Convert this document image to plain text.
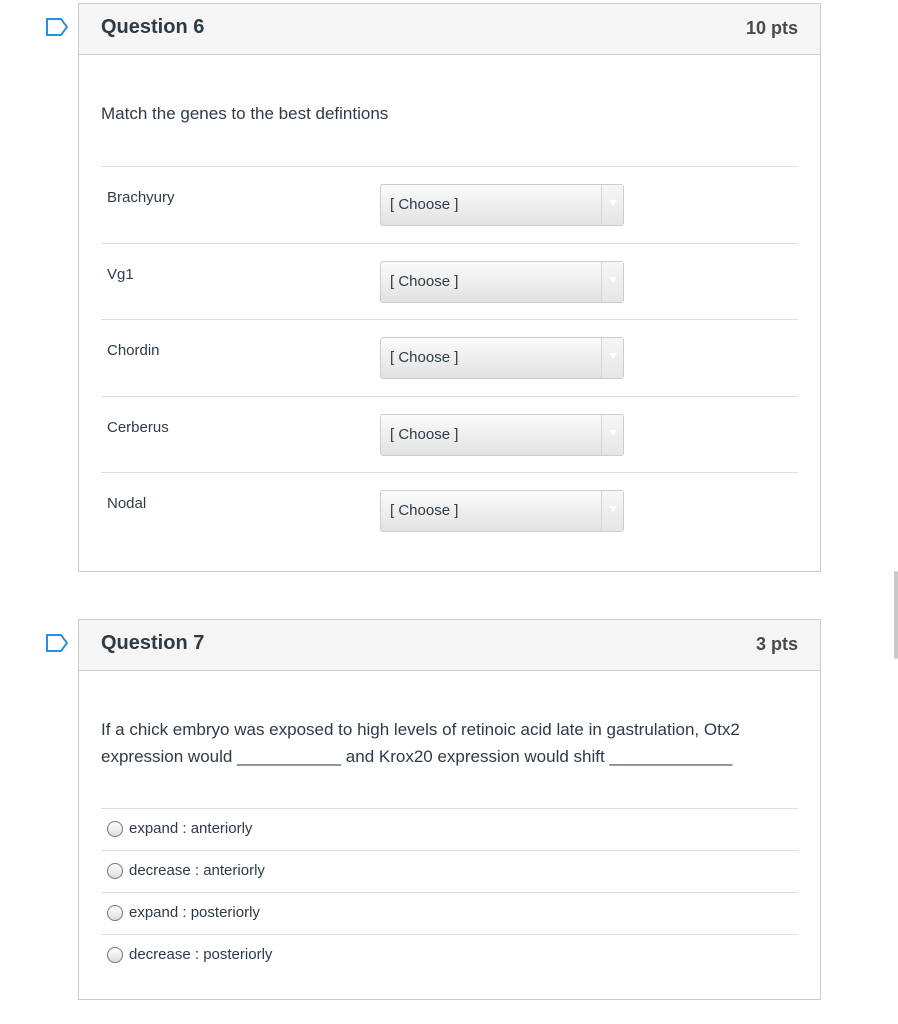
Question 6	10 pts
Match the genes to the best defintions
Brachyury	[ Choose ]
Vg1	[ Choose ]
Chordin	[ Choose ]
Cerberus	[ Choose ]
Nodal	[ Choose ]
Question 7	3 pts
If a chick embryo was exposed to high levels of retinoic acid late in gastrulation, Otx2 expression would ___________ and Krox20 expression would shift _____________
expand : anteriorly
decrease : anteriorly
expand : posteriorly
decrease : posteriorly
